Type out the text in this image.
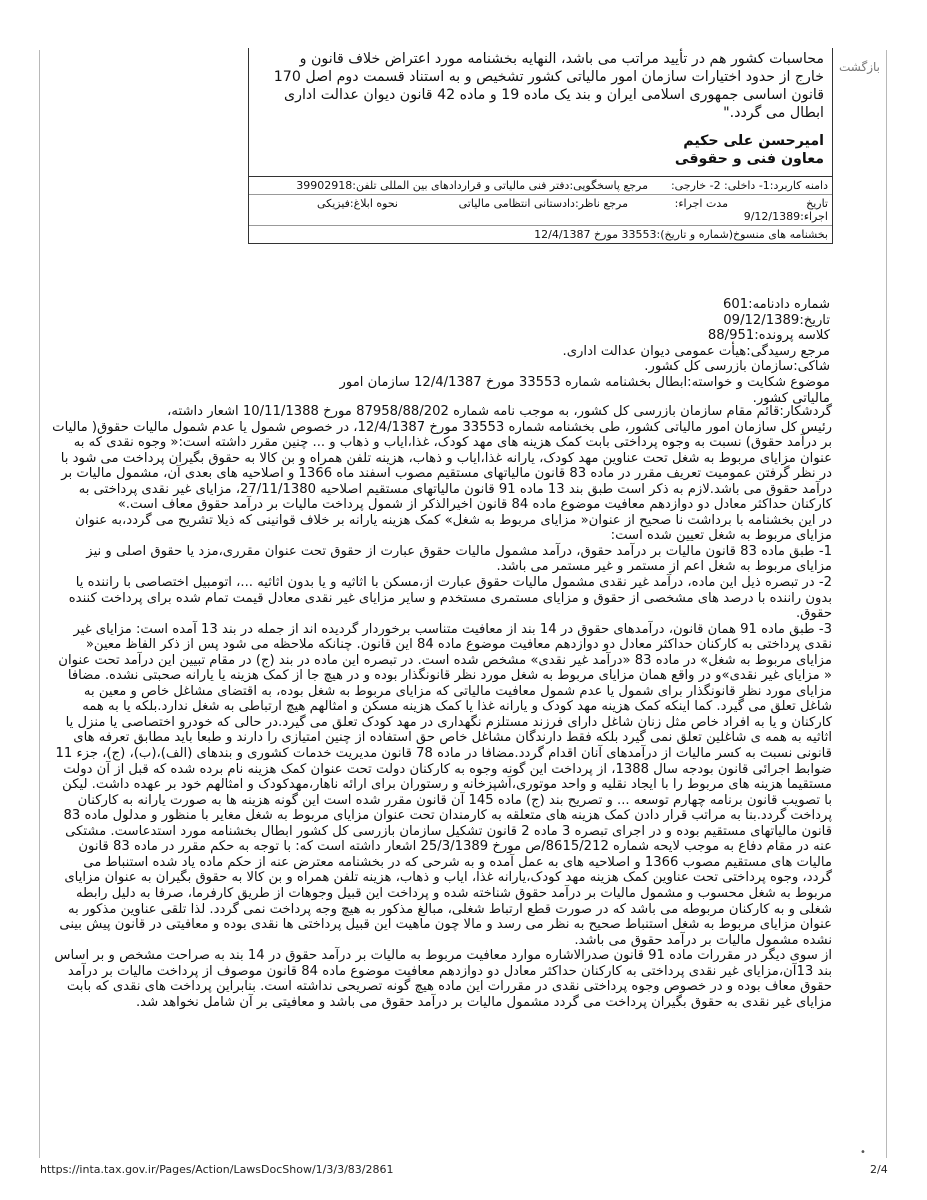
بازگشت
محاسبات کشور هم در تأیید مراتب می باشد، النهایه بخشنامه مورد اعتراض خلاف قانون و
خارج از حدود اختیارات سازمان امور مالیاتی کشور تشخیص و به استناد قسمت دوم اصل 170
قانون اساسی جمهوری اسلامی ایران و بند یک ماده 19 و ماده 42 قانون دیوان عدالت اداری
ابطال می گردد."
امیرحسن علی حکیم
معاون فنی و حقوقی
دامنه کاربرد:1- داخلی: 2- خارجی:
مرجع پاسخگویی:دفتر فنی مالیاتی و قراردادهای بین المللی تلفن:39902918
تاریخ اجراء:9/12/1389
مدت اجراء:
مرجع ناظر:دادستانی انتظامی مالیاتی
نحوه ابلاغ:فیزیکی
بخشنامه های منسوخ(شماره و تاریخ):33553 مورخ 12/4/1387
شماره دادنامه:601
تاریخ:09/12/1389
کلاسه پرونده:88/951
مرجع رسیدگی:هیأت عمومی دیوان عدالت اداری.
شاکی:سازمان بازرسی کل کشور.
موضوع شکایت و خواسته:ابطال بخشنامه شماره 33553 مورخ 12/4/1387 سازمان امور مالیاتی کشور.

گردشکار:قائم مقام سازمان بازرسی کل کشور، به موجب نامه شماره 87958/88/202 مورخ 10/11/1388 اشعار داشته،

رئیس کل سازمان امور مالیاتی کشور، طی بخشنامه شماره 33553 مورخ 12/4/1387، در خصوص شمول یا عدم شمول مالیات حقوق( مالیات بر درآمد حقوق) نسبت به وجوه پرداختی بابت کمک هزینه های مهد کودک، غذا،ایاب و ذهاب و ... چنین مقرر داشته است:« وجوه نقدی که به عنوان مزایای مربوط به شغل تحت عناوین مهد کودک، یارانه غذا،ایاب و ذهاب، هزینه تلفن همراه و بن کالا به حقوق بگیران پرداخت می شود با در نظر گرفتن عمومیت تعریف مقرر در ماده 83 قانون مالیاتهای مستقیم مصوب اسفند ماه 1366 و اصلاحیه های بعدی آن، مشمول مالیات بر درآمد حقوق می باشد.لازم به ذکر است طبق بند 13 ماده 91 قانون مالیاتهای مستقیم اصلاحیه 27/11/1380، مزایای غیر نقدی پرداختی به کارکنان حداکثر معادل دو دوازدهم معافیت موضوع ماده 84 قانون اخیرالذکر از شمول پرداخت مالیات بر درآمد حقوق معاف است.»

در این بخشنامه با برداشت نا صحیح از عنوان« مزایای مربوط به شغل» کمک هزینه یارانه بر خلاف قوانینی که ذیلا تشریح می گردد،به عنوان مزایای مربوط به شغل تعیین شده است:

1- طبق ماده 83 قانون مالیات بر درآمد حقوق، درآمد مشمول مالیات حقوق عبارت از حقوق تحت عنوان مقرری،مزد یا حقوق اصلی و نیز مزایای مربوط به شغل اعم از مستمر و غیر مستمر می باشد.

2- در تبصره ذیل این ماده، درآمد غیر نقدی مشمول مالیات حقوق عبارت از،مسکن با اثاثیه و یا بدون اثاثیه ...، اتومبیل اختصاصی با راننده یا بدون راننده با درصد های مشخصی از حقوق و مزایای مستمری مستخدم و سایر مزایای غیر نقدی معادل قیمت تمام شده برای پرداخت کننده حقوق.

3- طبق ماده 91 همان قانون، درآمدهای حقوق در 14 بند از معافیت متناسب برخوردار گردیده اند از جمله در بند 13 آمده است: مزایای غیر نقدی پرداختی به کارکنان حداکثر معادل دو دوازدهم معافیت موضوع ماده 84 این قانون. چنانکه ملاحظه می شود پس از ذکر الفاظ معین« مزایای مربوط به شغل» در ماده 83 «درآمد غیر نقدی» مشخص شده است. در تبصره این ماده در بند (ج) در مقام تبیین این درآمد تحت عنوان « مزایای غیر نقدی»و در واقع همان مزایای مربوط به شغل مورد نظر قانونگذار بوده و در هیچ جا از کمک هزینه یا یارانه صحبتی نشده. مضافا مزایای مورد نظر قانونگذار برای شمول یا عدم شمول معافیت مالیاتی که مزایای مربوط به شغل بوده، به اقتضای مشاغل خاص و معین به شاغل تعلق می گیرد. کما اینکه کمک هزینه مهد کودک و یارانه غذا یا کمک هزینه مسکن و امثالهم هیچ ارتباطی به شغل ندارد.بلکه یا به همه کارکنان و یا به افراد خاص مثل زنان شاغل دارای فرزند مستلزم نگهداری در مهد کودک تعلق می گیرد.در حالی که خودرو اختصاصی یا منزل یا اثاثیه به همه ی شاغلین تعلق نمی گیرد بلکه فقط دارندگان مشاغل خاص حق استفاده از چنین امتیازی را دارند و طبعا باید مطابق تعرفه های قانونی نسبت به کسر مالیات از درآمدهای آنان اقدام گردد.مضافا در ماده 78 قانون مدیریت خدمات کشوری و بندهای (الف)،(ب)، (ج)، جزء 11 ضوابط اجرائی قانون بودجه سال 1388، از پرداخت این گونه وجوه به کارکنان دولت تحت عنوان کمک هزینه نام برده شده که قبل از آن دولت مستقیما هزینه های مربوط را با ایجاد نقلیه و واحد موتوری،آشپزخانه و رستوران برای ارائه ناهار،مهدکودک و امثالهم خود بر عهده داشت. لیکن با تصویب قانون برنامه چهارم توسعه ... و تصریح بند (ج) ماده 145 آن قانون مقرر شده است این گونه هزینه ها به صورت یارانه به کارکنان پرداخت گردد.بنا به مراتب قرار دادن کمک هزینه های متعلقه به کارمندان تحت عنوان مزایای مربوط به شغل مغایر با منظور و مدلول ماده 83 قانون مالیاتهای مستقیم بوده و در اجرای تبصره 3 ماده 2 قانون تشکیل سازمان بازرسی کل کشور ابطال بخشنامه مورد استدعاست. مشتکی عنه در مقام دفاع به موجب لایحه شماره 8615/212/ص مورخ 25/3/1389 اشعار داشته است که: با توجه به حکم مقرر در ماده 83 قانون مالیات های مستقیم مصوب 1366 و اصلاحیه های به عمل آمده و به شرحی که در بخشنامه معترض عنه از حکم ماده یاد شده استنباط می گردد، وجوه پرداختی تحت عناوین کمک هزینه مهد کودک،یارانه غذا، ایاب و ذهاب، هزینه تلفن همراه و بن کالا به حقوق بگیران به عنوان مزایای مربوط به شغل محسوب و مشمول مالیات بر درآمد حقوق شناخته شده و پرداخت این قبیل وجوهات از طریق کارفرما، صرفا به دلیل رابطه شغلی و به کارکنان مربوطه می باشد که در صورت قطع ارتباط شغلی، مبالغ مذکور به هیچ وجه پرداخت نمی گردد. لذا تلقی عناوین مذکور به عنوان مزایای مربوط به شغل استنباط صحیح به نظر می رسد و مالا چون ماهیت این قبیل پرداختی ها نقدی بوده و معافیتی در قانون پیش بینی نشده مشمول مالیات بر درآمد حقوق می باشد.

از سوی دیگر در مقررات ماده 91 قانون صدرالاشاره موارد معافیت مربوط به مالیات بر درآمد حقوق در 14 بند به صراحت مشخص و بر اساس بند 13آن،مزایای غیر نقدی پرداختی به کارکنان حداکثر معادل دو دوازدهم معافیت موضوع ماده 84 قانون موصوف از پرداخت مالیات بر درآمد حقوق معاف بوده و در خصوص وجوه پرداختی نقدی در مقررات این ماده هیچ گونه تصریحی نداشته است. بنابراین پرداخت های نقدی که بابت مزایای غیر نقدی به حقوق بگیران پرداخت می گردد مشمول مالیات بر درآمد حقوق می باشد و معافیتی بر آن شامل نخواهد شد.

•
https://inta.tax.gov.ir/Pages/Action/LawsDocShow/1/3/3/83/2861	2/4
